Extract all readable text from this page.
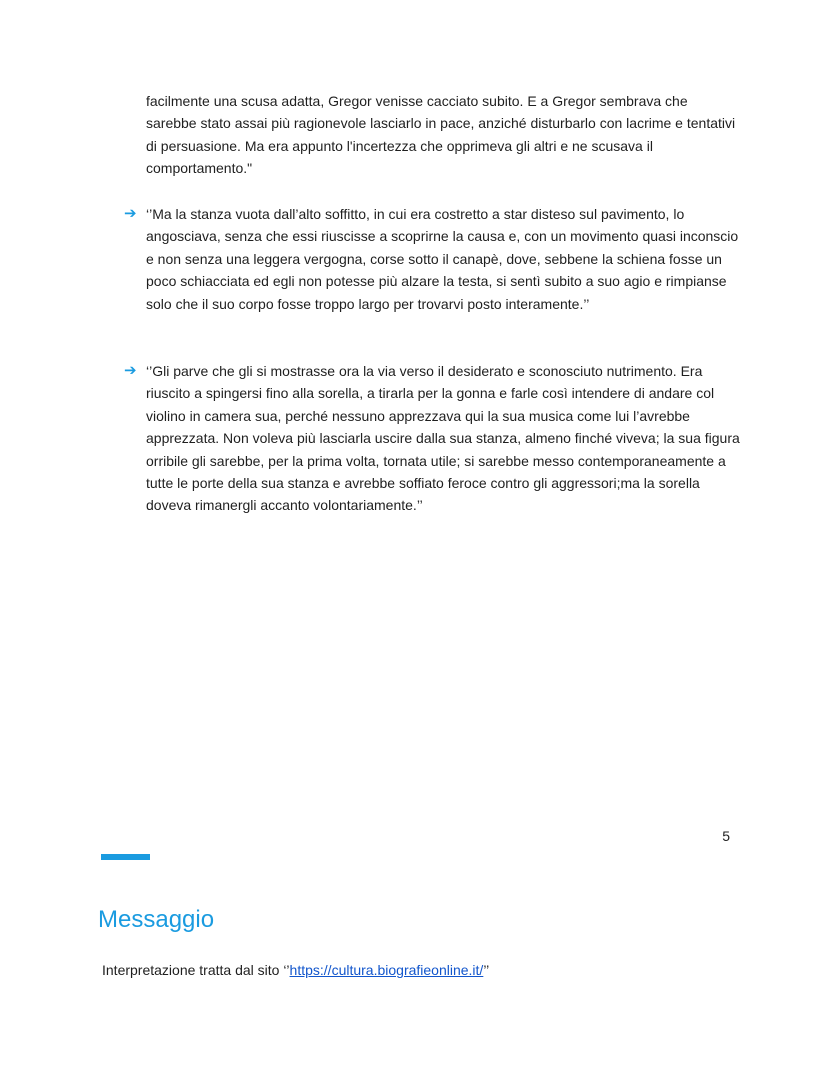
facilmente una scusa adatta, Gregor venisse cacciato subito. E a Gregor sembrava che sarebbe stato assai più ragionevole lasciarlo in pace, anziché disturbarlo con lacrime e tentativi di persuasione. Ma era appunto l'incertezza che opprimeva gli altri e ne scusava il comportamento."

➔ ‘’Ma la stanza vuota dall’alto soffitto, in cui era costretto a star disteso sul pavimento, lo angosciava, senza che essi riuscisse a scoprirne la causa e, con un movimento quasi inconscio e non senza una leggera vergogna, corse sotto il canapè, dove, sebbene la schiena fosse un poco schiacciata ed egli non potesse più alzare la testa, si sentì subito a suo agio e rimpianse solo che il suo corpo fosse troppo largo per trovarvi posto interamente.’’

➔ ‘’Gli parve che gli si mostrasse ora la via verso il desiderato e sconosciuto nutrimento. Era riuscito a spingersi fino alla sorella, a tirarla per la gonna e farle così intendere di andare col violino in camera sua, perché nessuno apprezzava qui la sua musica come lui l’avrebbe apprezzata. Non voleva più lasciarla uscire dalla sua stanza, almeno finché viveva; la sua figura orribile gli sarebbe, per la prima volta, tornata utile; si sarebbe messo contemporaneamente a tutte le porte della sua stanza e avrebbe soffiato feroce contro gli aggressori;ma la sorella doveva rimanergli accanto volontariamente.’’

5
Messaggio

Interpretazione tratta dal sito ‘’https://cultura.biografieonline.it/’’
